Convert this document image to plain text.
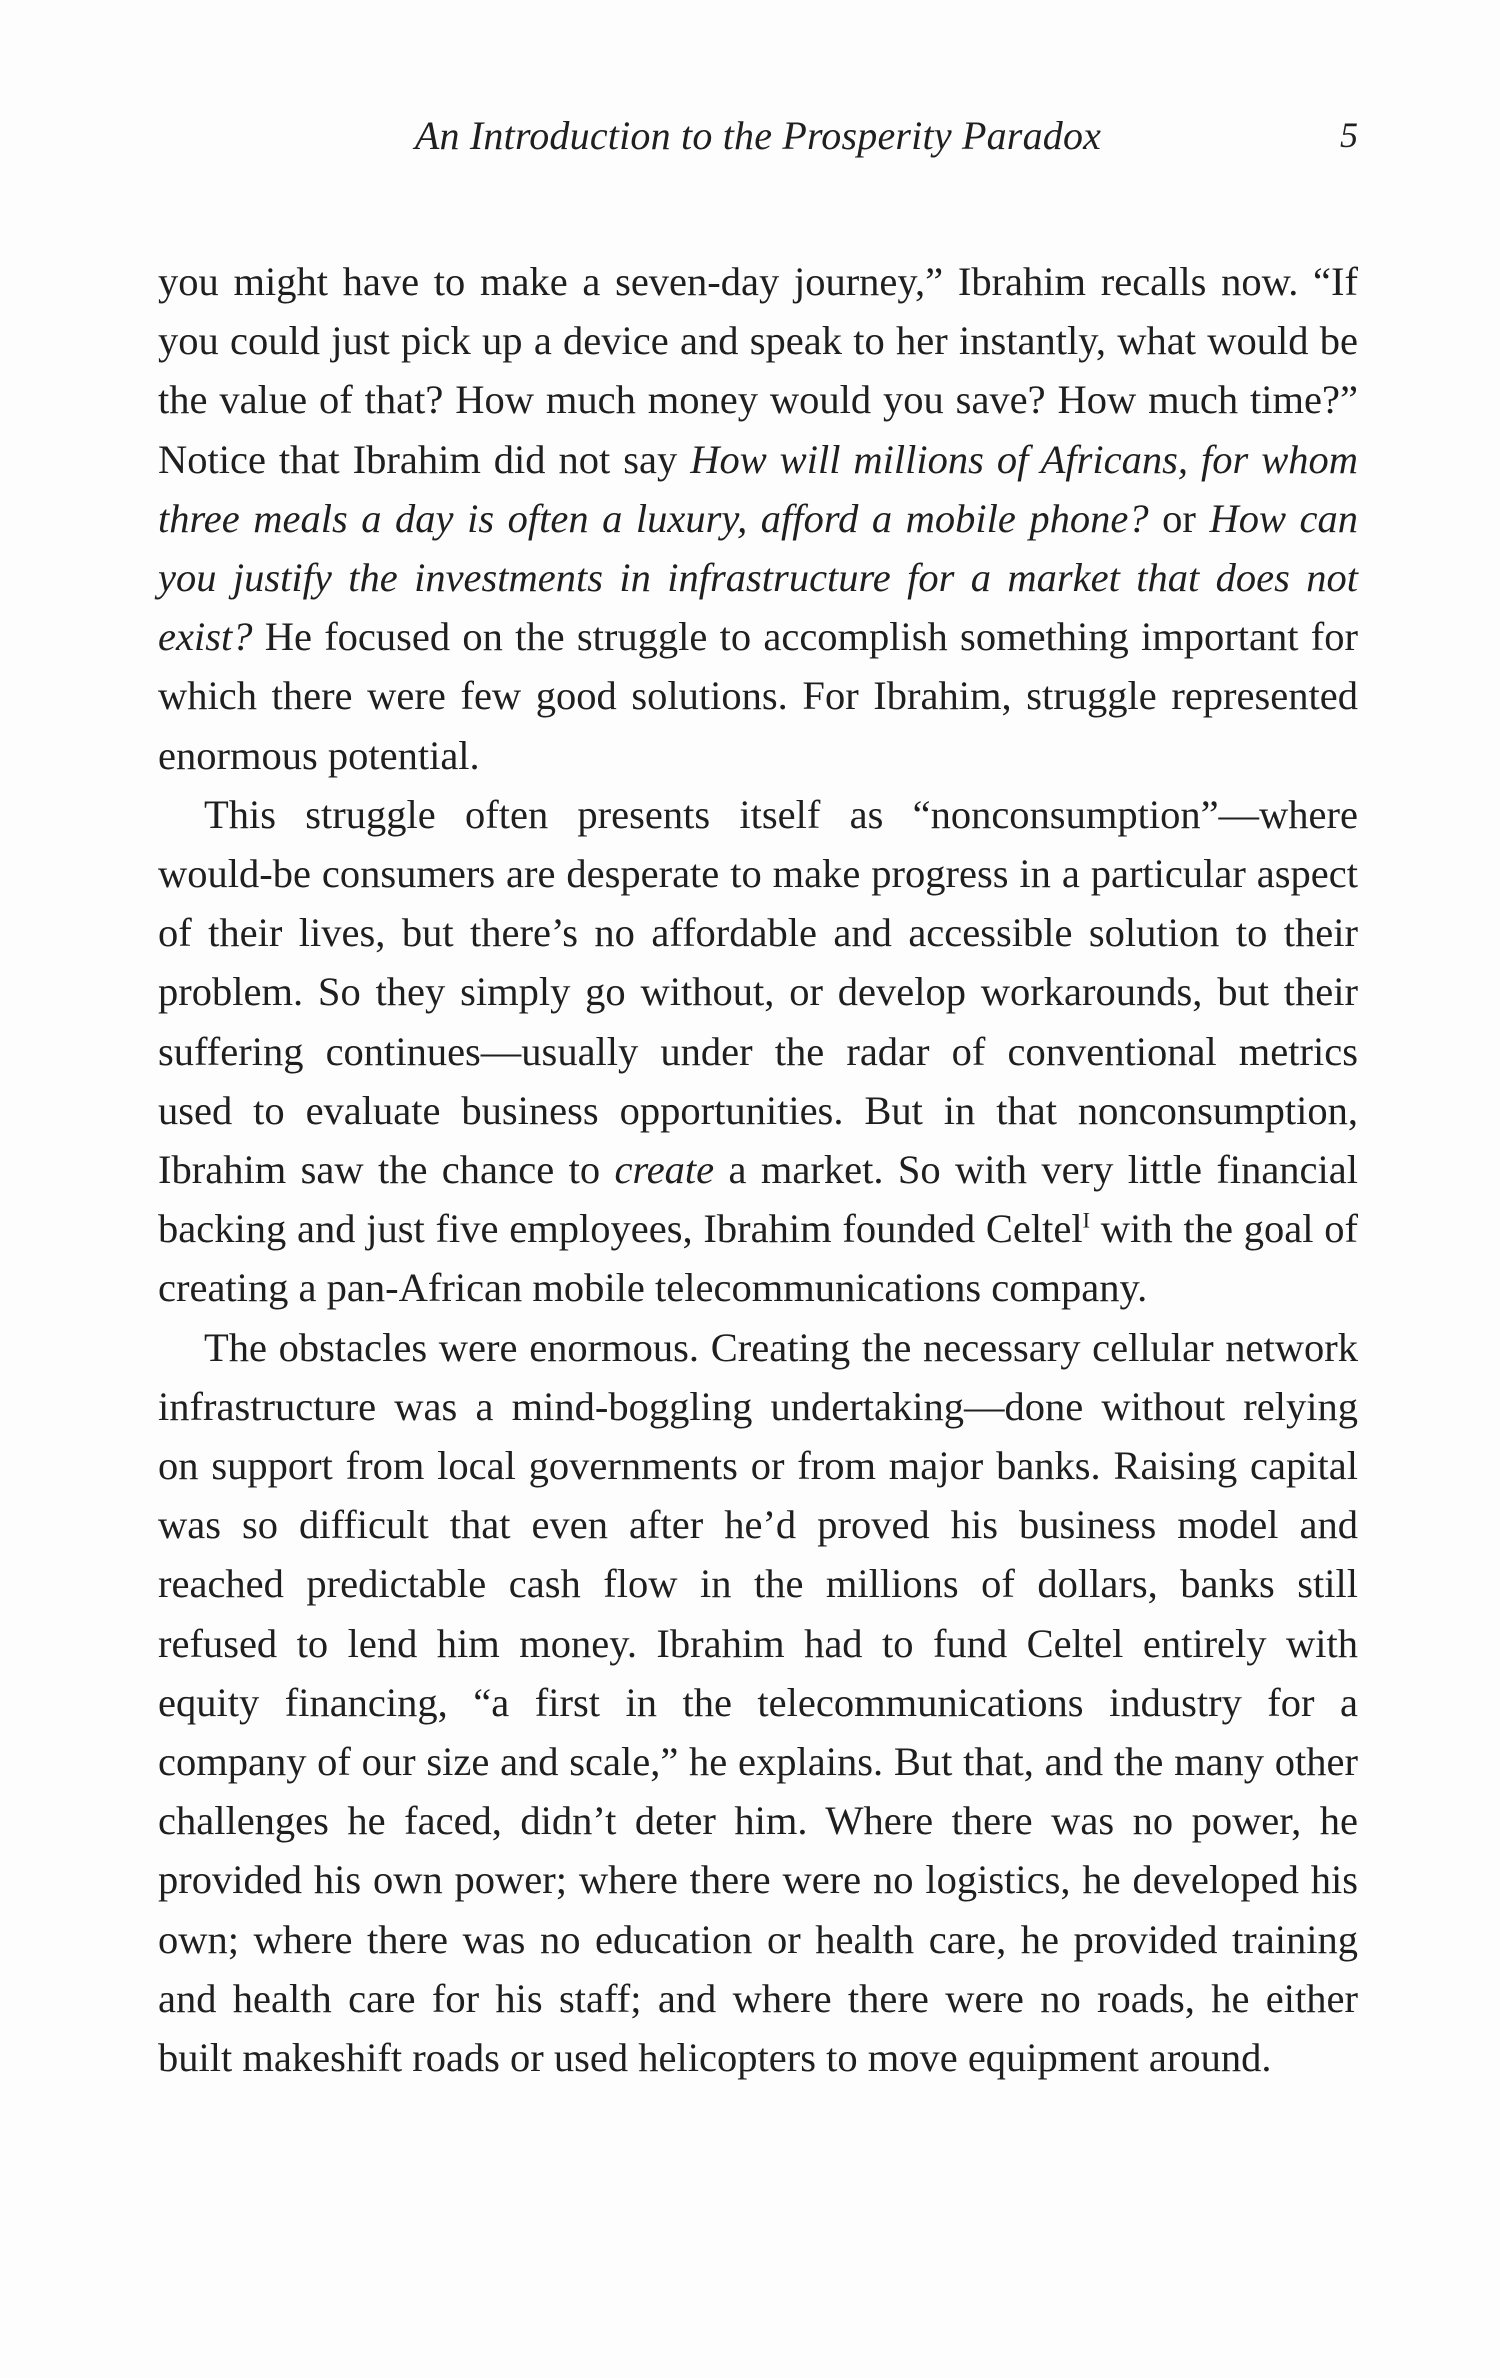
An Introduction to the Prosperity Paradox	5

you might have to make a seven-day journey,” Ibrahim recalls now. “If you could just pick up a device and speak to her instantly, what would be the value of that? How much money would you save? How much time?” Notice that Ibrahim did not say How will millions of Africans, for whom three meals a day is often a luxury, afford a mobile phone? or How can you justify the investments in infrastructure for a market that does not exist? He focused on the struggle to accomplish something important for which there were few good solutions. For Ibrahim, struggle represented enormous potential.

This struggle often presents itself as “nonconsumption”—where would-be consumers are desperate to make progress in a particular aspect of their lives, but there’s no affordable and accessible solution to their problem. So they simply go without, or develop workarounds, but their suffering continues—usually under the radar of conventional metrics used to evaluate business opportunities. But in that nonconsumption, Ibrahim saw the chance to create a market. So with very little financial backing and just five employees, Ibrahim founded Celtel$^I$ with the goal of creating a pan-African mobile telecommunications company.

The obstacles were enormous. Creating the necessary cellular network infrastructure was a mind-boggling undertaking—done without relying on support from local governments or from major banks. Raising capital was so difficult that even after he’d proved his business model and reached predictable cash flow in the millions of dollars, banks still refused to lend him money. Ibrahim had to fund Celtel entirely with equity financing, “a first in the telecommunications industry for a company of our size and scale,” he explains. But that, and the many other challenges he faced, didn’t deter him. Where there was no power, he provided his own power; where there were no logistics, he developed his own; where there was no education or health care, he provided training and health care for his staff; and where there were no roads, he either built makeshift roads or used helicopters to move equipment around.
